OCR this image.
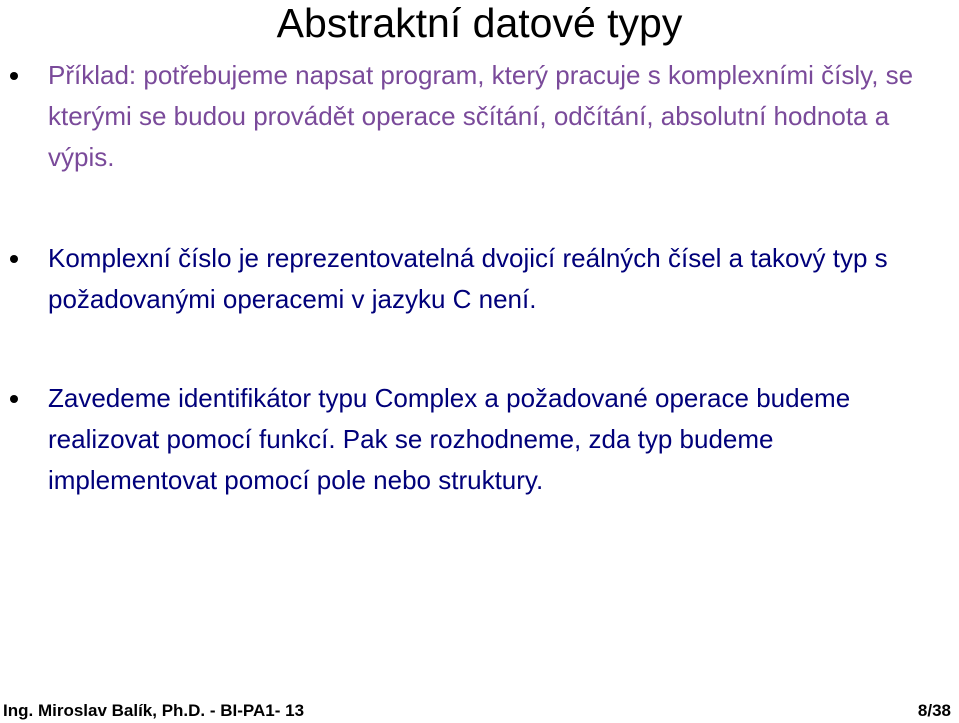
Abstraktní datové typy
Příklad: potřebujeme napsat program, který pracuje s komplexními čísly, se kterými se budou provádět operace sčítání, odčítání, absolutní hodnota a výpis.
Komplexní číslo je reprezentovatelná dvojicí reálných čísel a takový typ s požadovanými operacemi v jazyku C není.
Zavedeme identifikátor typu Complex a požadované operace budeme realizovat pomocí funkcí. Pak se rozhodneme, zda typ budeme implementovat pomocí pole nebo struktury.
Ing. Miroslav Balík, Ph.D. - BI-PA1- 13	8/38
